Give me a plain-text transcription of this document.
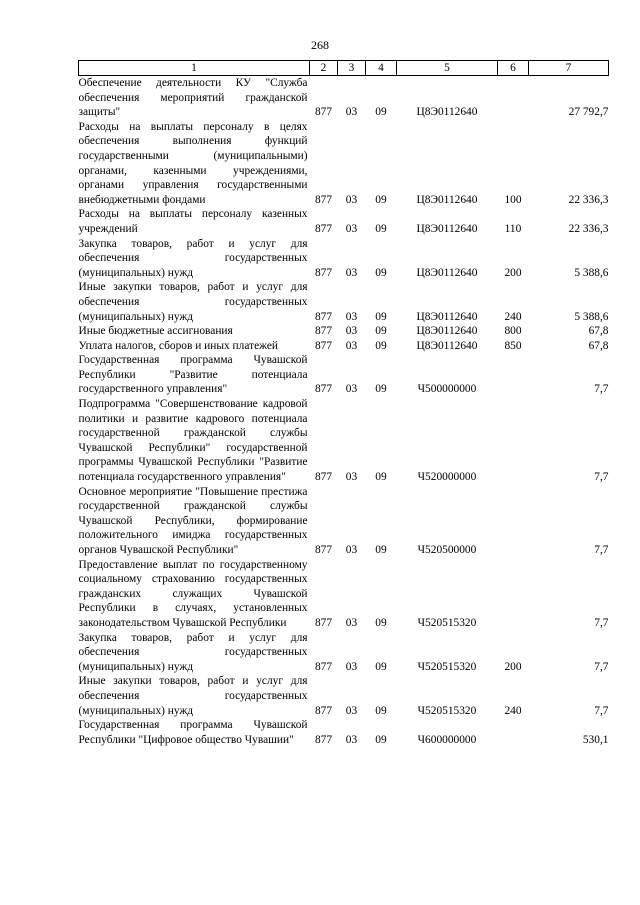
268
1	2	3	4	5	6	7
Обеспечение деятельности КУ "Служба обеспечения мероприятий гражданской защиты"	877	03	09	Ц8Э0112640		27 792,7
Расходы на выплаты персоналу в целях обеспечения выполнения функций государственными (муниципальными) органами, казенными учреждениями, органами управления государственными внебюджетными фондами	877	03	09	Ц8Э0112640	100	22 336,3
Расходы на выплаты персоналу казенных учреждений	877	03	09	Ц8Э0112640	110	22 336,3
Закупка товаров, работ и услуг для обеспечения государственных (муниципальных) нужд	877	03	09	Ц8Э0112640	200	5 388,6
Иные закупки товаров, работ и услуг для обеспечения государственных (муниципальных) нужд	877	03	09	Ц8Э0112640	240	5 388,6
Иные бюджетные ассигнования	877	03	09	Ц8Э0112640	800	67,8
Уплата налогов, сборов и иных платежей	877	03	09	Ц8Э0112640	850	67,8
Государственная программа Чувашской Республики "Развитие потенциала государственного управления"	877	03	09	Ч500000000		7,7
Подпрограмма "Совершенствование кадровой политики и развитие кадрового потенциала государственной гражданской службы Чувашской Республики" государственной программы Чувашской Республики "Развитие потенциала государственного управления"	877	03	09	Ч520000000		7,7
Основное мероприятие "Повышение престижа государственной гражданской службы Чувашской Республики, формирование положительного имиджа государственных органов Чувашской Республики"	877	03	09	Ч520500000		7,7
Предоставление выплат по государственному социальному страхованию государственных гражданских служащих Чувашской Республики в случаях, установленных законодательством Чувашской Республики	877	03	09	Ч520515320		7,7
Закупка товаров, работ и услуг для обеспечения государственных (муниципальных) нужд	877	03	09	Ч520515320	200	7,7
Иные закупки товаров, работ и услуг для обеспечения государственных (муниципальных) нужд	877	03	09	Ч520515320	240	7,7
Государственная программа Чувашской Республики "Цифровое общество Чувашии"	877	03	09	Ч600000000		530,1
